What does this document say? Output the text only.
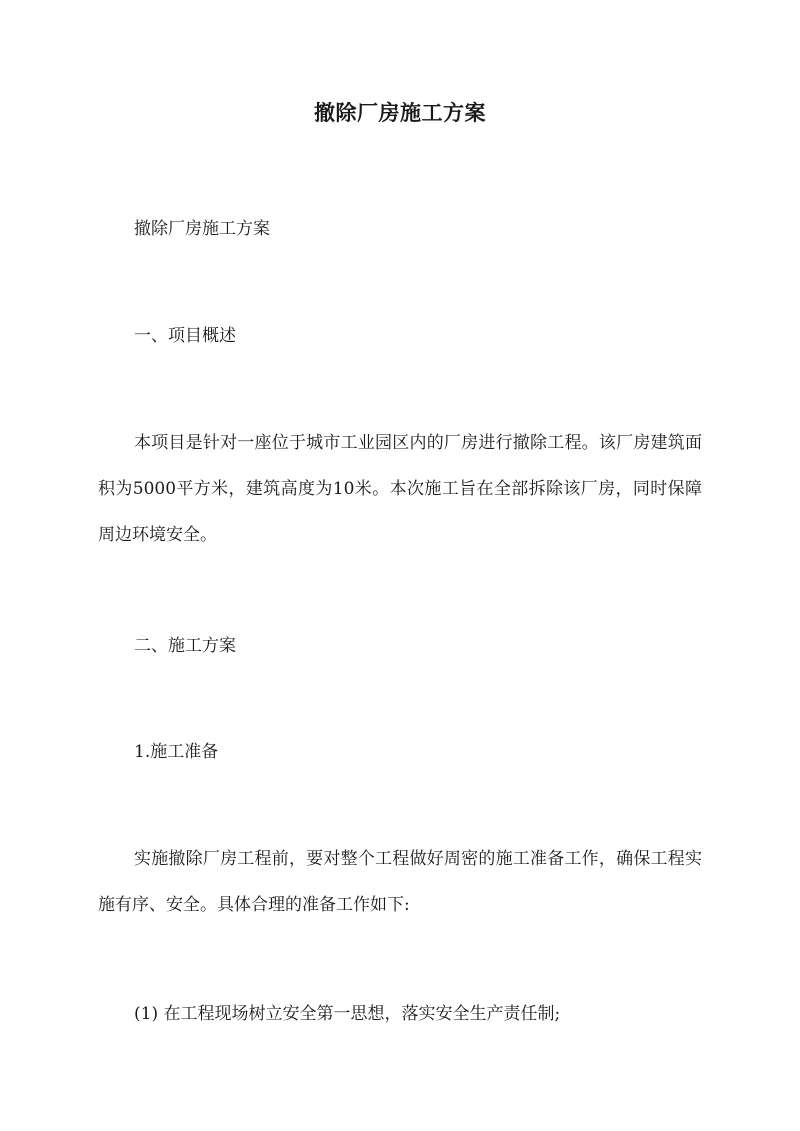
撤除厂房施工方案

撤除厂房施工方案

一、项目概述

本项目是针对一座位于城市工业园区内的厂房进行撤除工程。该厂房建筑面积为5000平方米，建筑高度为10米。本次施工旨在全部拆除该厂房，同时保障周边环境安全。

二、施工方案

1.施工准备

实施撤除厂房工程前，要对整个工程做好周密的施工准备工作，确保工程实施有序、安全。具体合理的准备工作如下:

(1) 在工程现场树立安全第一思想，落实安全生产责任制;
